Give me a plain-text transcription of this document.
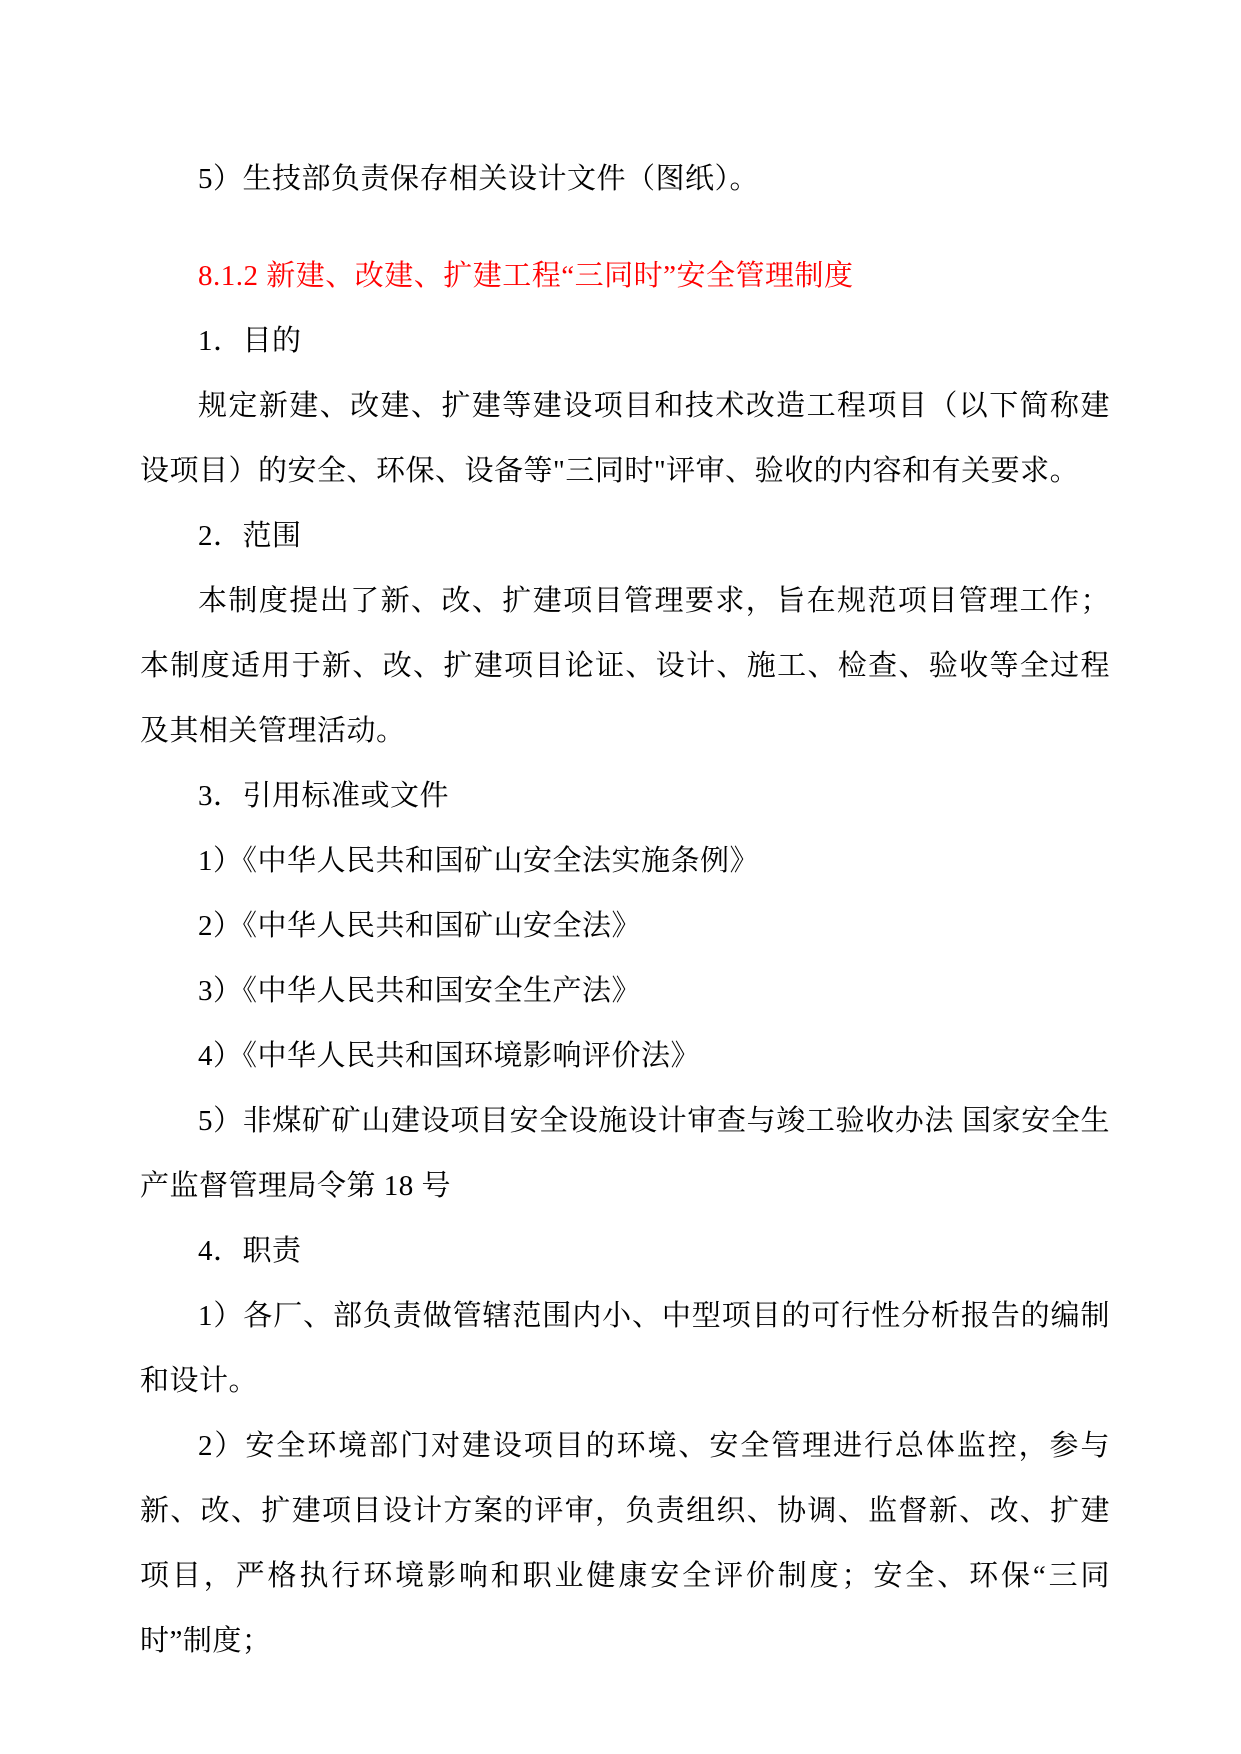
5）生技部负责保存相关设计文件（图纸）。

8.1.2 新建、改建、扩建工程“三同时”安全管理制度

1．目的

规定新建、改建、扩建等建设项目和技术改造工程项目（以下简称建设项目）的安全、环保、设备等"三同时"评审、验收的内容和有关要求。

2．范围

本制度提出了新、改、扩建项目管理要求，旨在规范项目管理工作；本制度适用于新、改、扩建项目论证、设计、施工、检查、验收等全过程及其相关管理活动。

3．引用标准或文件

1）《中华人民共和国矿山安全法实施条例》

2）《中华人民共和国矿山安全法》

3）《中华人民共和国安全生产法》

4）《中华人民共和国环境影响评价法》

5）非煤矿矿山建设项目安全设施设计审查与竣工验收办法 国家安全生产监督管理局令第 18 号

4．职责

1）各厂、部负责做管辖范围内小、中型项目的可行性分析报告的编制和设计。

2）安全环境部门对建设项目的环境、安全管理进行总体监控，参与新、改、扩建项目设计方案的评审，负责组织、协调、监督新、改、扩建项目，严格执行环境影响和职业健康安全评价制度；安全、环保“三同时”制度；
